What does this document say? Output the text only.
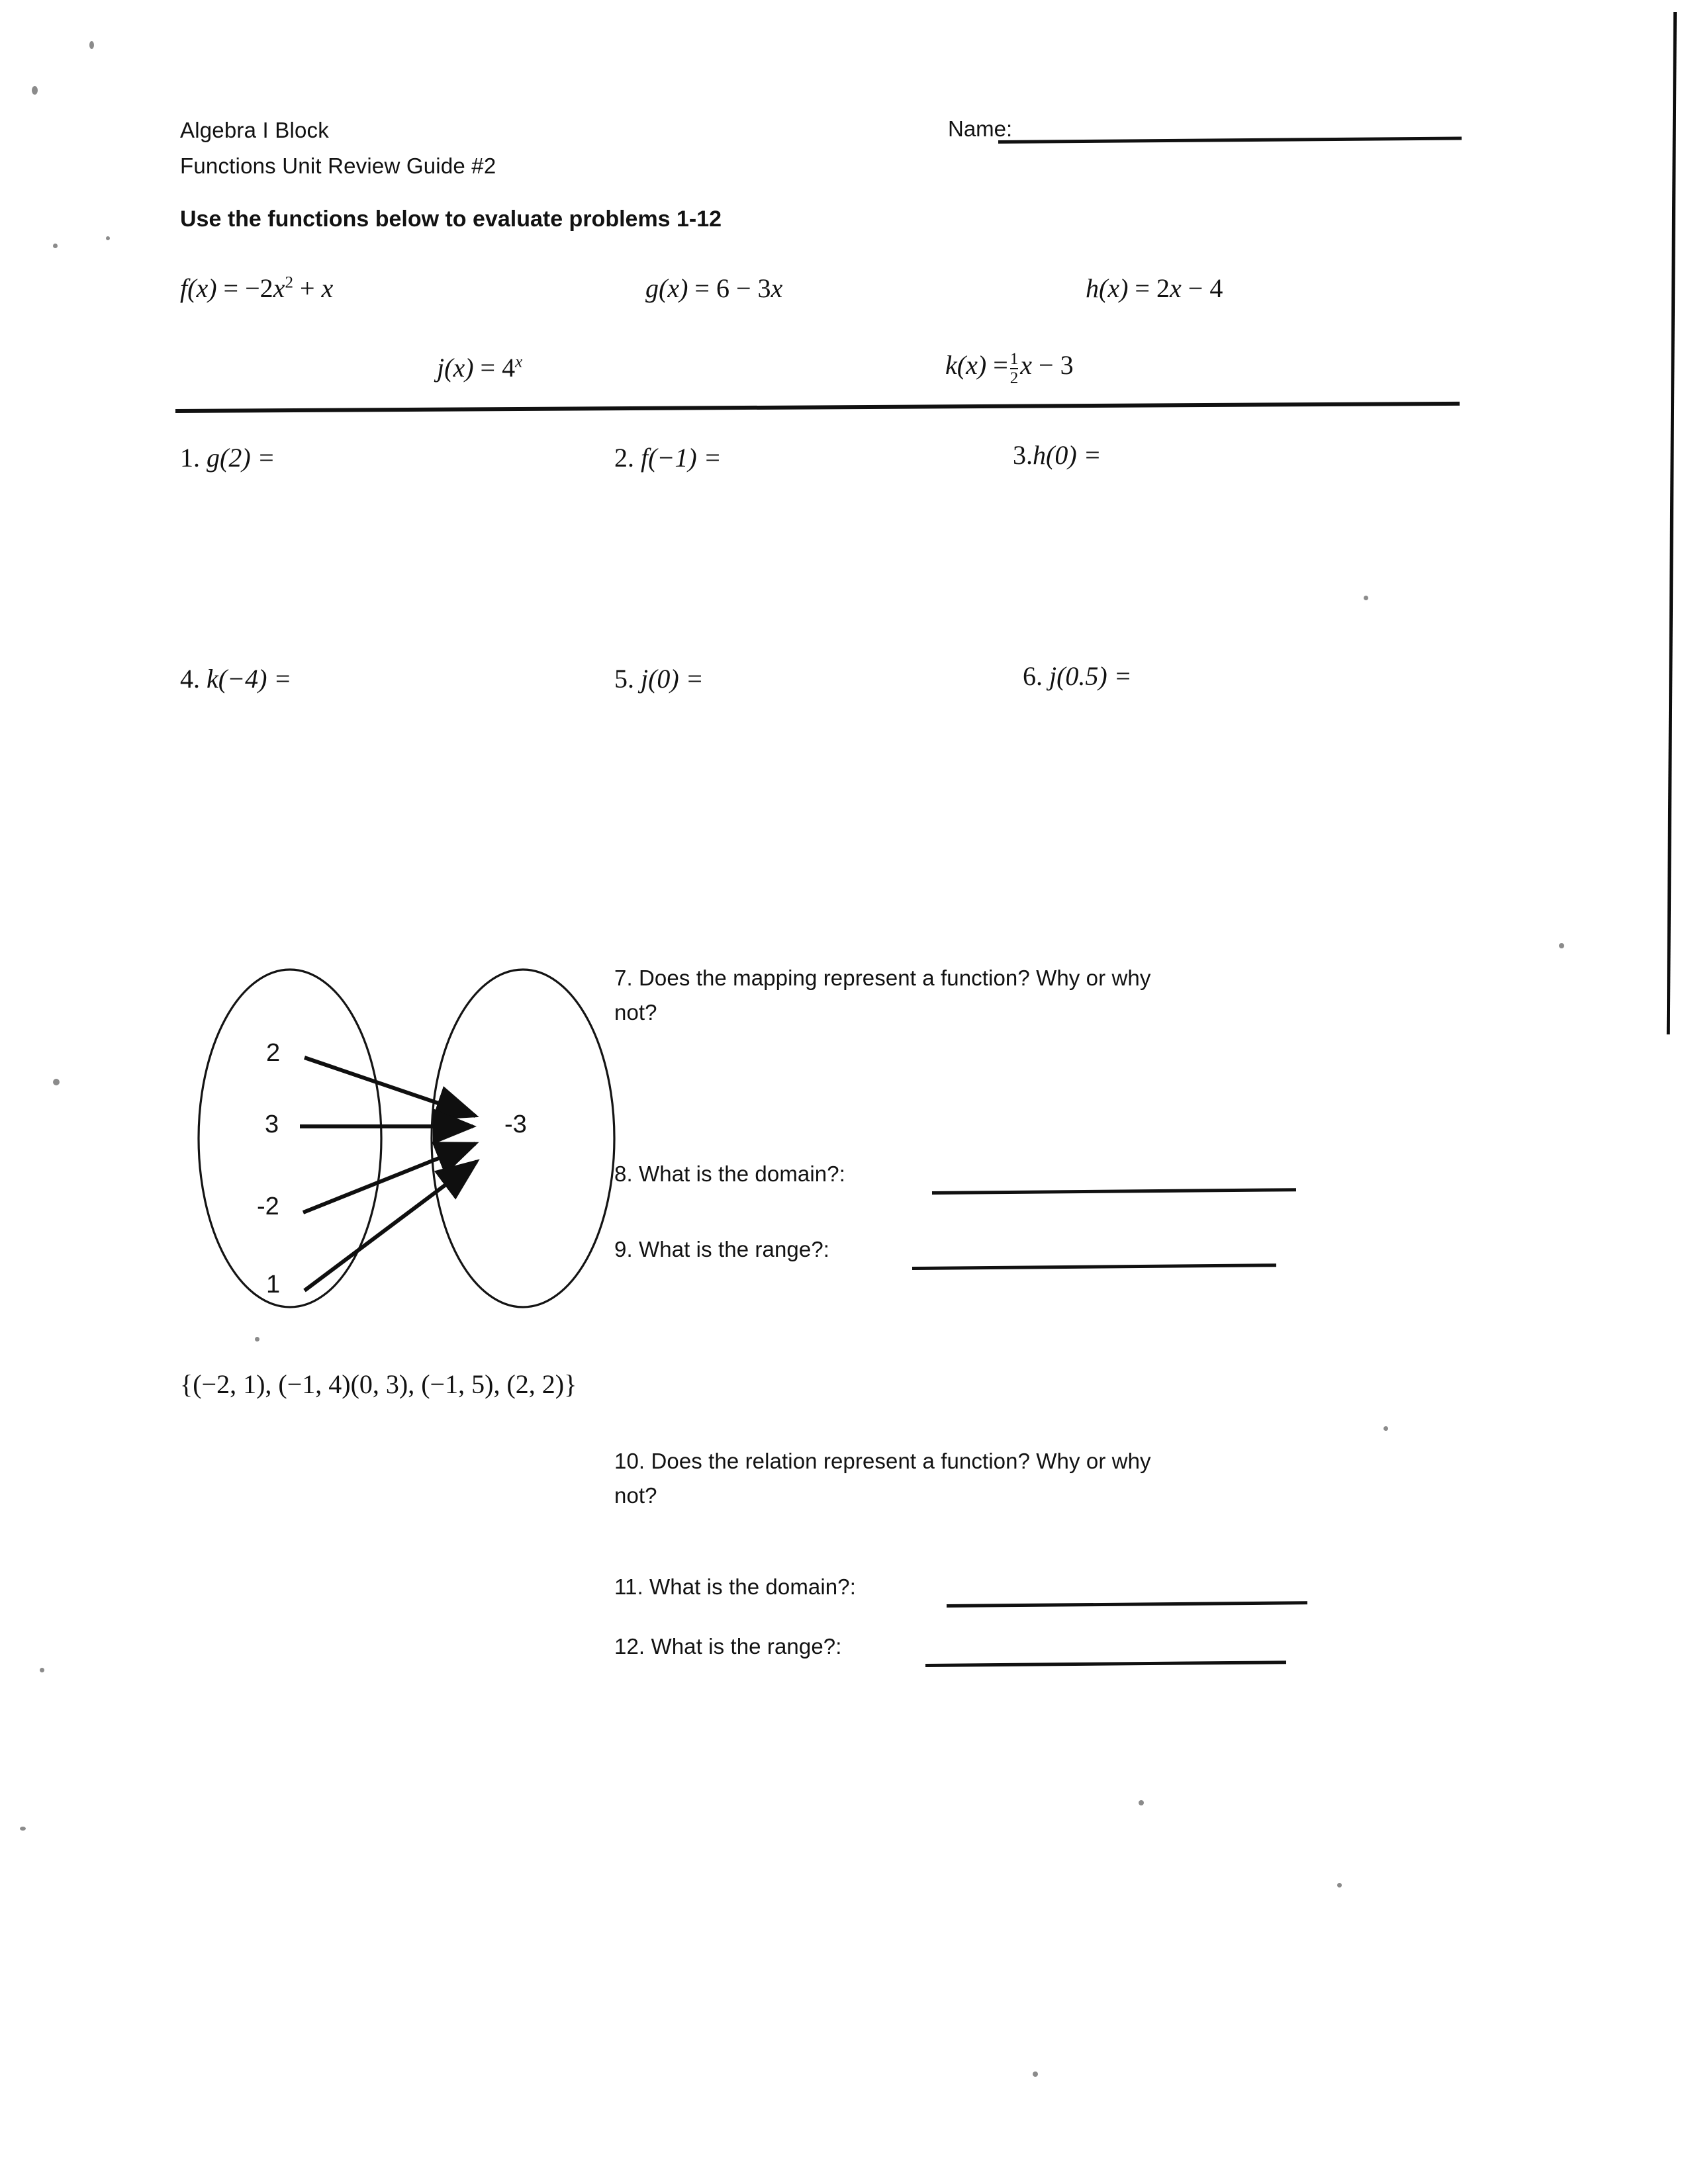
Algebra I Block
Functions Unit Review Guide #2
Name:
Use the functions below to evaluate problems 1-12
$f(x) = -2x^2 + x$	g(x) = 6 − 3x	h(x) = 2x − 4
$j(x) = 4^x$	$k(x) = \frac{1}{2}$ x − 3
1. g(2) =	2. f(−1) =	3.h(0) =
4. k(−4) =	5. j(0) =	6. j(0.5) =
2
3
-2
1
-3
7. Does the mapping represent a function? Why or why
not?
8. What is the domain?:
9. What is the range?:
{(−2, 1), (−1, 4)(0, 3), (−1, 5), (2, 2)}
10. Does the relation represent a function? Why or why
not?
11. What is the domain?:
12. What is the range?:
